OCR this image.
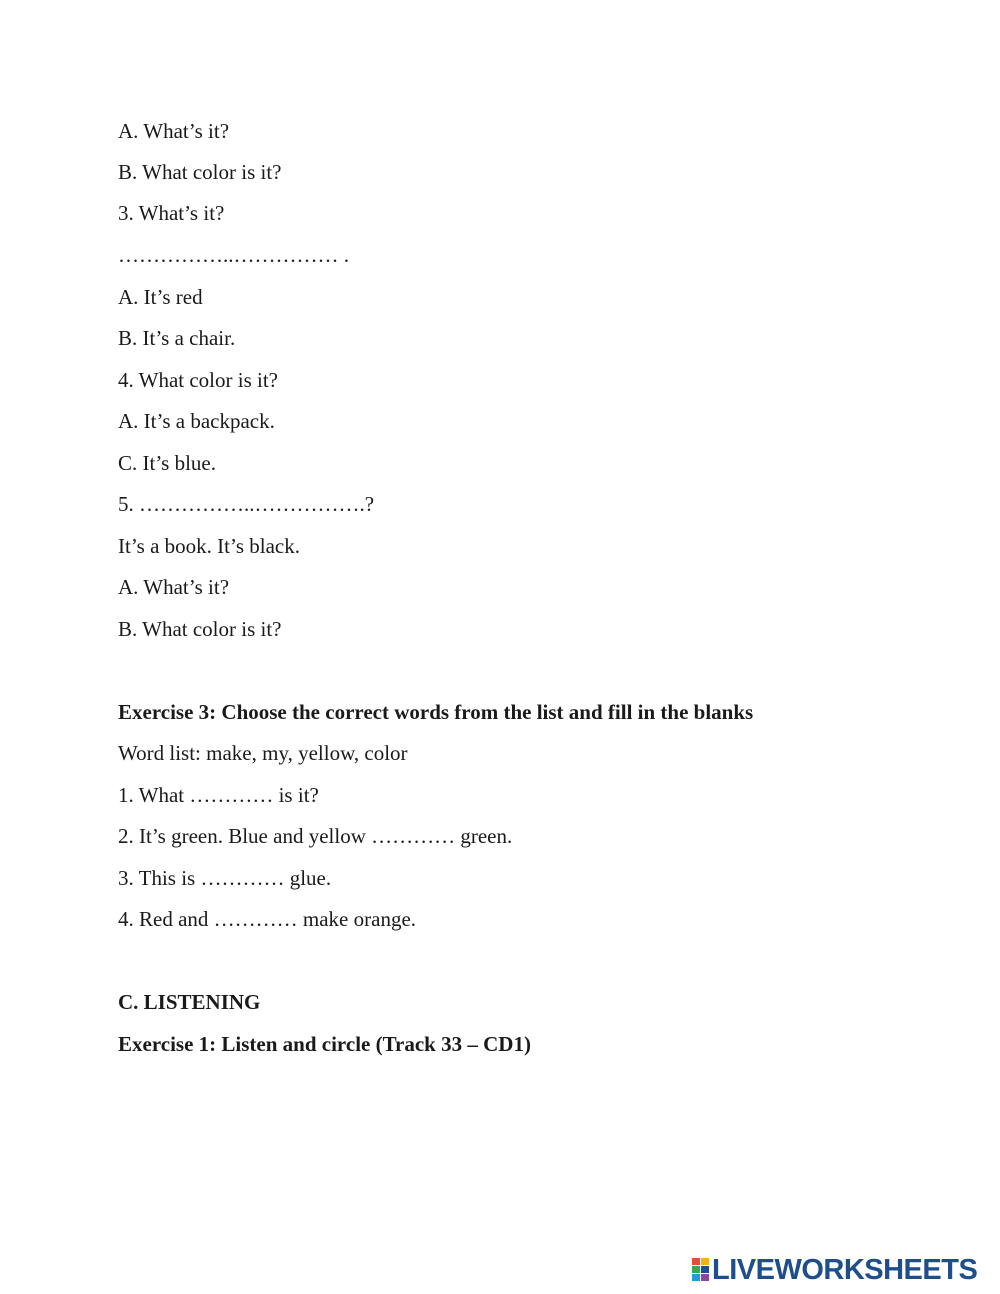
A. What’s it?
B. What color is it?
3. What’s it?
……………..…………… .
A. It’s red
B. It’s a chair.
4. What color is it?
A. It’s a backpack.
C. It’s blue.
5. ……………..…………….?
It’s a book. It’s black.
A. What’s it?
B. What color is it?
Exercise 3: Choose the correct words from the list and fill in the blanks
Word list: make, my, yellow, color
1. What ………… is it?
2. It’s green. Blue and yellow ………… green.
3. This is ………… glue.
4. Red and ………… make orange.
C. LISTENING
Exercise 1: Listen and circle (Track 33 – CD1)
LIVEWORKSHEETS
